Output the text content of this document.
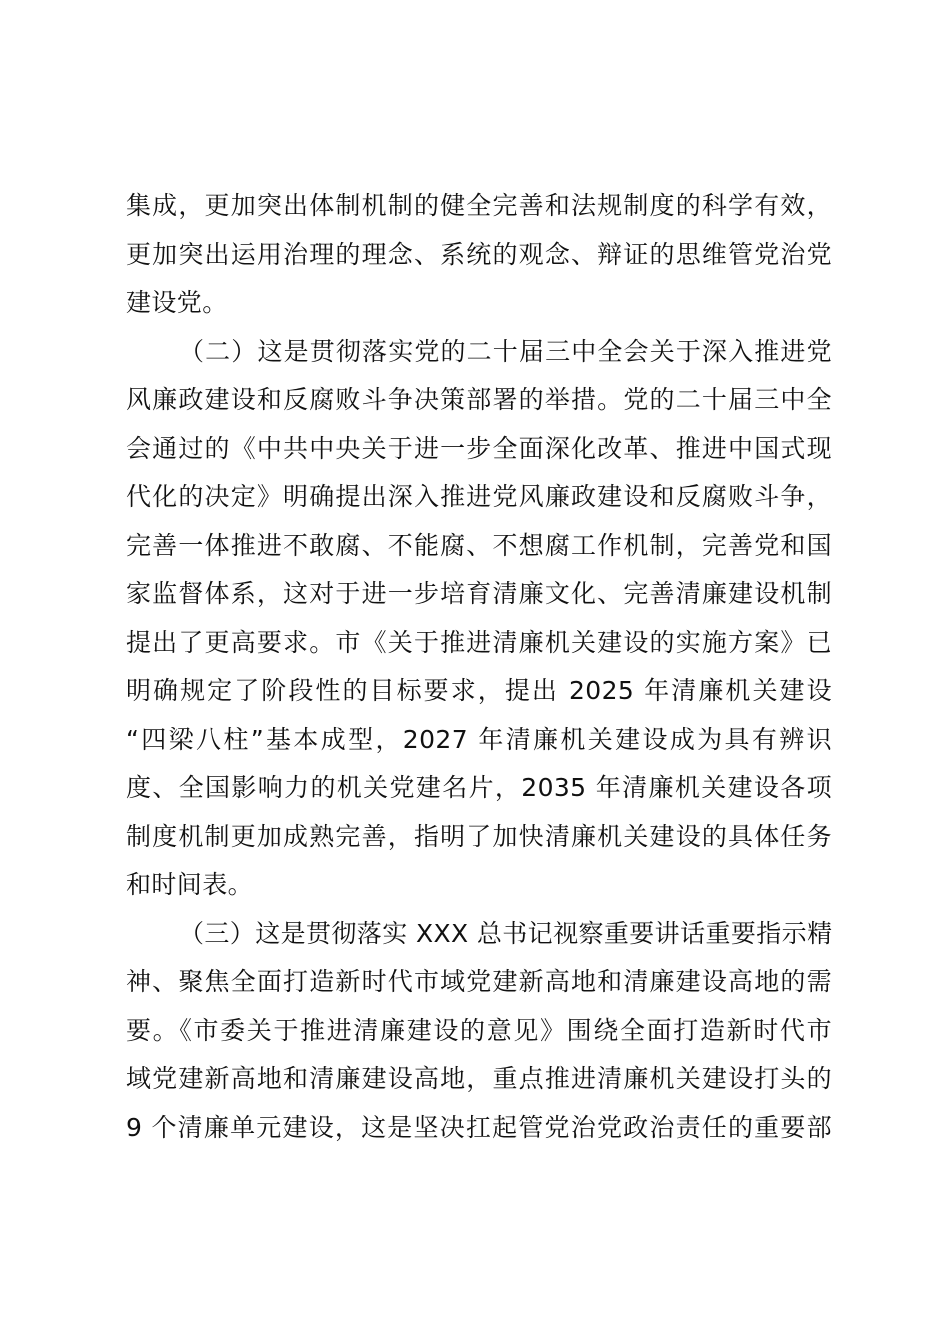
集成，更加突出体制机制的健全完善和法规制度的科学有效，
更加突出运用治理的理念、系统的观念、辩证的思维管党治党
建设党。
（二）这是贯彻落实党的二十届三中全会关于深入推进党
风廉政建设和反腐败斗争决策部署的举措。党的二十届三中全
会通过的《中共中央关于进一步全面深化改革、推进中国式现
代化的决定》明确提出深入推进党风廉政建设和反腐败斗争，
完善一体推进不敢腐、不能腐、不想腐工作机制，完善党和国
家监督体系，这对于进一步培育清廉文化、完善清廉建设机制
提出了更高要求。市《关于推进清廉机关建设的实施方案》已
明确规定了阶段性的目标要求，提出 2025 年清廉机关建设
“四梁八柱”基本成型，2027 年清廉机关建设成为具有辨识
度、全国影响力的机关党建名片，2035 年清廉机关建设各项
制度机制更加成熟完善，指明了加快清廉机关建设的具体任务
和时间表。
（三）这是贯彻落实 XXX 总书记视察重要讲话重要指示精
神、聚焦全面打造新时代市域党建新高地和清廉建设高地的需
要。《市委关于推进清廉建设的意见》围绕全面打造新时代市
域党建新高地和清廉建设高地，重点推进清廉机关建设打头的
9 个清廉单元建设，这是坚决扛起管党治党政治责任的重要部
